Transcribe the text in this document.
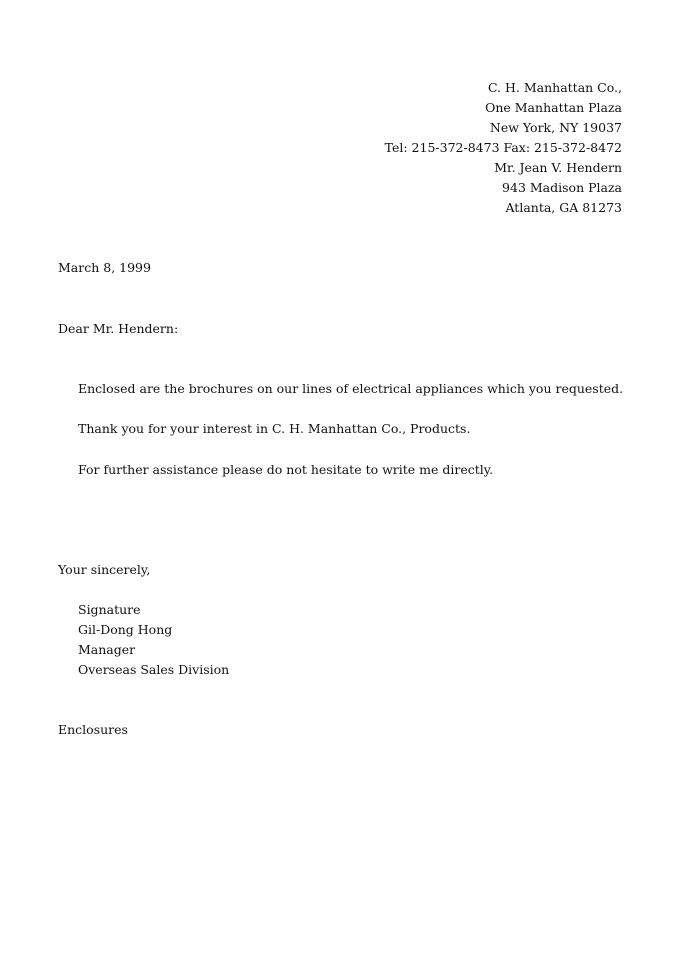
C. H. Manhattan Co.,
One Manhattan Plaza
New York, NY 19037
Tel: 215-372-8473 Fax: 215-372-8472
Mr. Jean V. Hendern
943 Madison Plaza
Atlanta, GA 81273
March 8, 1999
Dear Mr. Hendern:
Enclosed are the brochures on our lines of electrical appliances which you requested.
Thank you for your interest in C. H. Manhattan Co., Products.
For further assistance please do not hesitate to write me directly.
Your sincerely,
Signature
Gil-Dong Hong
Manager
Overseas Sales Division
Enclosures
